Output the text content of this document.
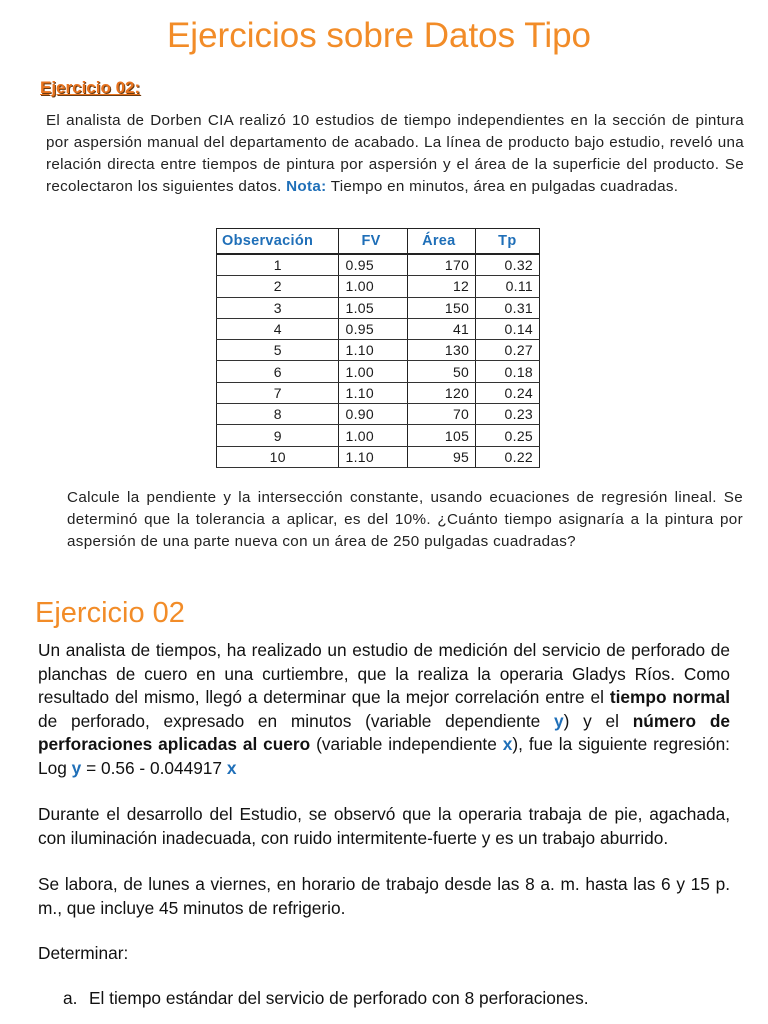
Ejercicios sobre Datos Tipo
Ejercicio 02:

El analista de Dorben CIA realizó 10 estudios de tiempo independientes en la sección de pintura por aspersión manual del departamento de acabado. La línea de producto bajo estudio, reveló una relación directa entre tiempos de pintura por aspersión y el área de la superficie del producto. Se recolectaron los siguientes datos. Nota: Tiempo en minutos, área en pulgadas cuadradas.

Observación	FV	Área	Tp
1	0.95	170	0.32
2	1.00	12	0.11
3	1.05	150	0.31
4	0.95	41	0.14
5	1.10	130	0.27
6	1.00	50	0.18
7	1.10	120	0.24
8	0.90	70	0.23
9	1.00	105	0.25
10	1.10	95	0.22

Calcule la pendiente y la intersección constante, usando ecuaciones de regresión lineal. Se determinó que la tolerancia a aplicar, es del 10%. ¿Cuánto tiempo asignaría a la pintura por aspersión de una parte nueva con un área de 250 pulgadas cuadradas?

Ejercicio 02

Un analista de tiempos, ha realizado un estudio de medición del servicio de perforado de planchas de cuero en una curtiembre, que la realiza la operaria Gladys Ríos. Como resultado del mismo, llegó a determinar que la mejor correlación entre el tiempo normal de perforado, expresado en minutos (variable dependiente y) y el número de perforaciones aplicadas al cuero (variable independiente x), fue la siguiente regresión: Log y = 0.56 - 0.044917 x

Durante el desarrollo del Estudio, se observó que la operaria trabaja de pie, agachada, con iluminación inadecuada, con ruido intermitente-fuerte y es un trabajo aburrido.

Se labora, de lunes a viernes, en horario de trabajo desde las 8 a. m. hasta las 6 y 15 p. m., que incluye 45 minutos de refrigerio.

Determinar:

a. El tiempo estándar del servicio de perforado con 8 perforaciones.
